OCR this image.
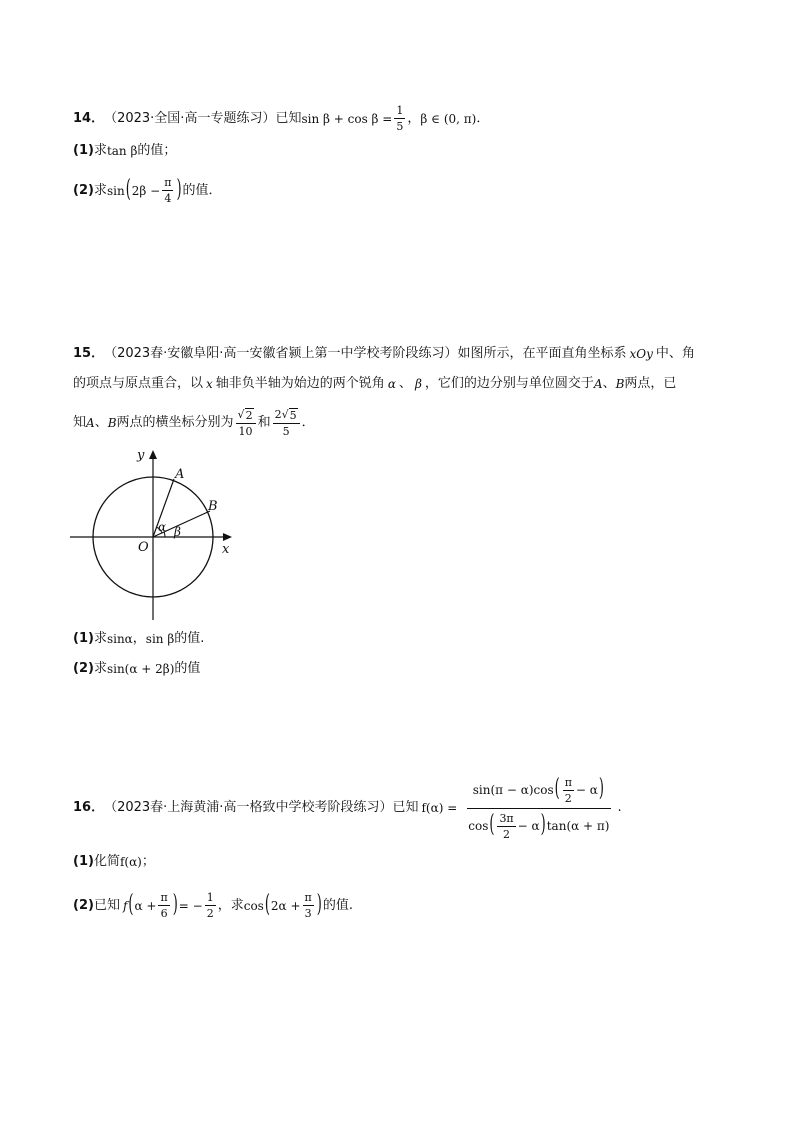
14． （2023·全国·高一专题练习） 已知 $\sin \beta + \cos \beta = \frac{1}{5}$ ， β ∈ (0, π) ．
(1) 求 tan β 的值；
(2) 求 sin ( $2\beta - \frac{\pi}{4}$ ) 的值．
15． （2023春·安徽阜阳·高一安徽省颍上第一中学校考阶段练习） 如图所示，在平面直角坐标系 xOy 中、角
的项点与原点重合，以 x 轴非负半轴为始边的两个锐角 α 、 β ，它们的边分别与单位圆交于 A 、 B 两点，已
知 A 、 B 两点的横坐标分别为 $\frac{√ 2}{10}$ 和 $\frac{2 √ 5}{5}$ ．
A
B
α β
O	x
y
(1) 求 sinα ， sin β 的值.
(2) 求 sin(α + 2β) 的值
16． （2023春·上海黄浦·高一格致中学校考阶段练习） 已知 $f(\alpha) = \frac{\sin(\pi - \alpha)\cos ( \frac{\pi}{2} - \alpha )}{\cos ( \frac{3\pi}{2} - \alpha ) \tan(\alpha + \pi)}$ .
(1) 化简 f(α) ；
(2) 已知 f ( $\alpha + \frac{\pi}{6}$ ) = − $\frac{1}{2}$ ，求 cos ( $2\alpha + \frac{\pi}{3}$ ) 的值.
